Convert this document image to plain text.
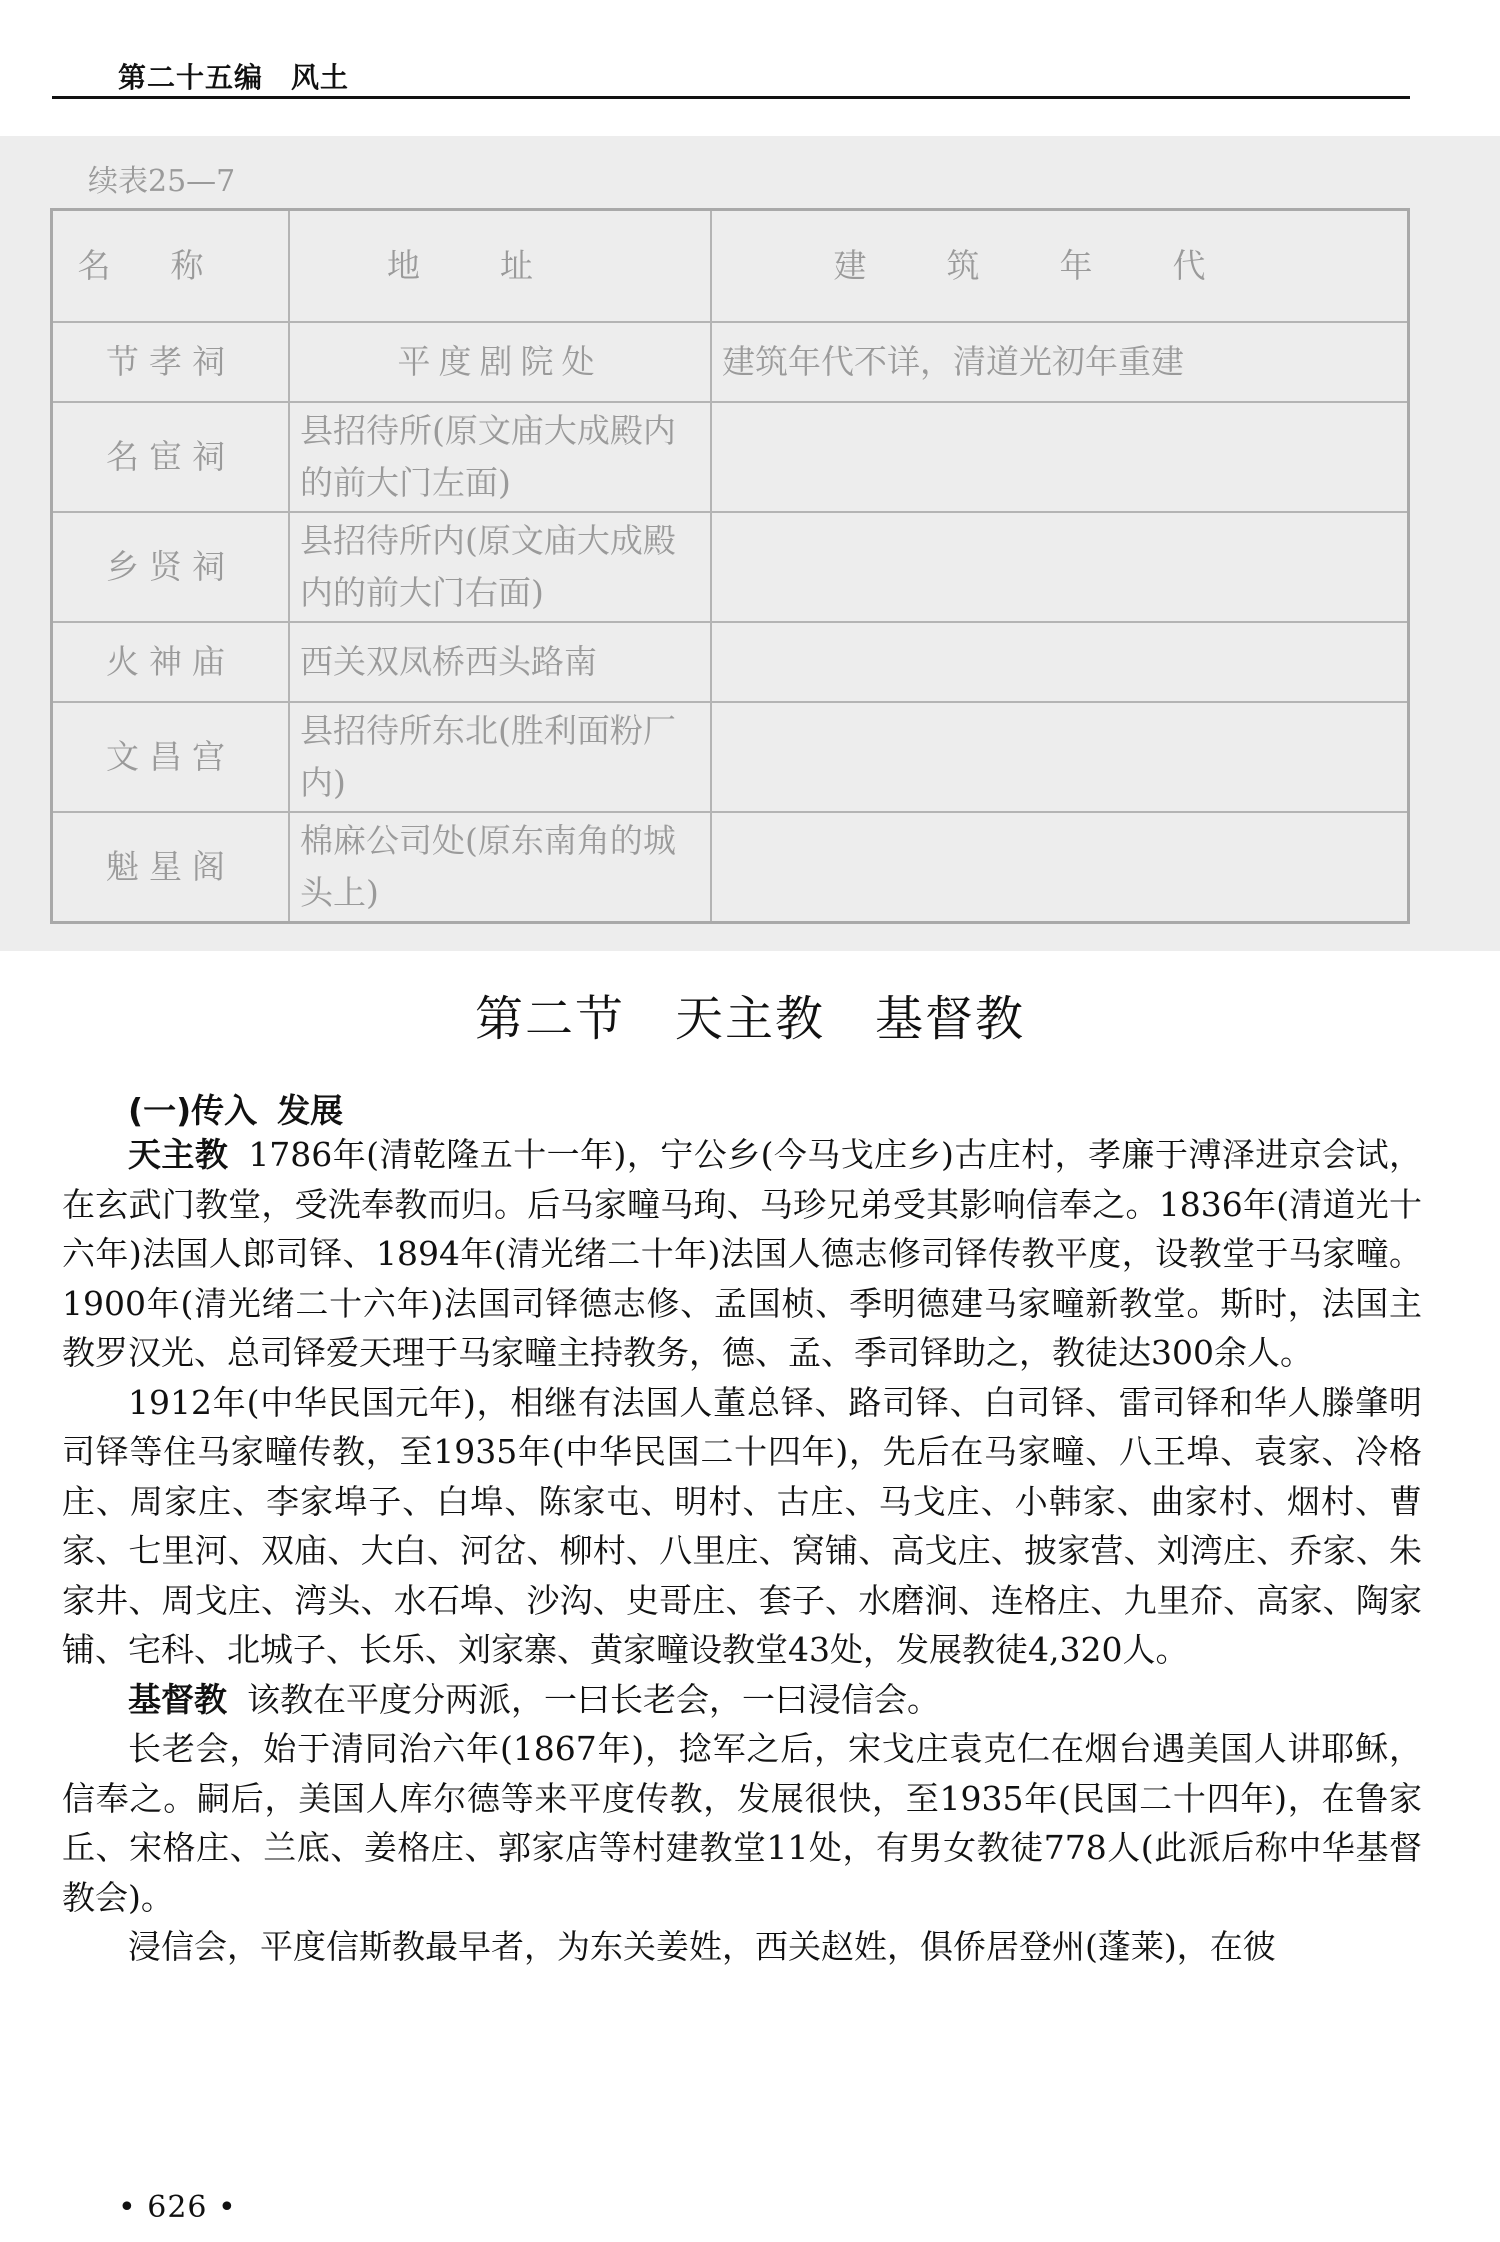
第二十五编 风土
续表25—7
名称	地址	建筑年代
节孝祠	平度剧院处	建筑年代不详，清道光初年重建
名宦祠	县招待所(原文庙大成殿内的前大门左面)	
乡贤祠	县招待所内(原文庙大成殿内的前大门右面)	
火神庙	西关双凤桥西头路南	
文昌宫	县招待所东北(胜利面粉厂内)	
魁星阁	棉麻公司处(原东南角的城头上)	
第二节 天主教 基督教
(一)传入 发展

天主教 1786年(清乾隆五十一年)，宁公乡(今马戈庄乡)古庄村，孝廉于溥泽进京会试，在玄武门教堂，受洗奉教而归。后马家疃马珣、马珍兄弟受其影响信奉之。1836年(清道光十六年)法国人郎司铎、1894年(清光绪二十年)法国人德志修司铎传教平度，设教堂于马家疃。1900年(清光绪二十六年)法国司铎德志修、孟国桢、季明德建马家疃新教堂。斯时，法国主教罗汉光、总司铎爱天理于马家疃主持教务，德、孟、季司铎助之，教徒达300余人。

1912年(中华民国元年)，相继有法国人董总铎、路司铎、白司铎、雷司铎和华人滕肇明司铎等住马家疃传教，至1935年(中华民国二十四年)，先后在马家疃、八王埠、袁家、冷格庄、周家庄、李家埠子、白埠、陈家屯、明村、古庄、马戈庄、小韩家、曲家村、烟村、曹家、七里河、双庙、大白、河岔、柳村、八里庄、窝铺、高戈庄、披家营、刘湾庄、乔家、朱家井、周戈庄、湾头、水石埠、沙沟、史哥庄、套子、水磨涧、连格庄、九里夼、高家、陶家铺、宅科、北城子、长乐、刘家寨、黄家疃设教堂43处，发展教徒4,320人。

基督教 该教在平度分两派，一曰长老会，一曰浸信会。

长老会，始于清同治六年(1867年)，捻军之后，宋戈庄袁克仁在烟台遇美国人讲耶稣，信奉之。嗣后，美国人库尔德等来平度传教，发展很快，至1935年(民国二十四年)，在鲁家丘、宋格庄、兰底、姜格庄、郭家店等村建教堂11处，有男女教徒778人(此派后称中华基督教会)。

浸信会，平度信斯教最早者，为东关姜姓，西关赵姓，俱侨居登州(蓬莱)，在彼

• 626 •
